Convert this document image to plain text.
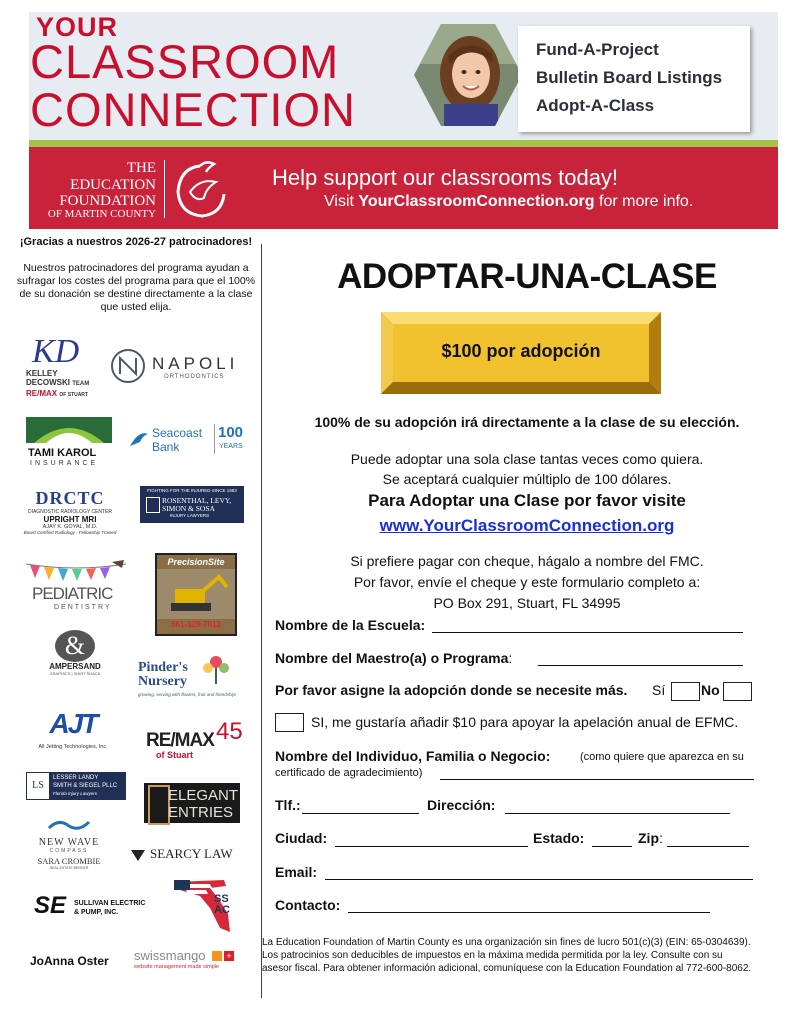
YOUR
CLASSROOM
CONNECTION
Fund-A-Project
Bulletin Board Listings
Adopt-A-Class
THE
EDUCATION
FOUNDATION
OF MARTIN COUNTY
Help support our classrooms today!
Visit YourClassroomConnection.org for more info.
¡Gracias a nuestros 2026-27 patrocinadores!
Nuestros patrocinadores del programa ayudan a sufragar los costes del programa para que el 100% de su donación se destine directamente a la clase que usted elija.
KD
KELLEY
DECOWSKI TEAM
RE/MAX OF STUART
NAPOLI
ORTHODONTICS
TAMI KAROL
INSURANCE
Seacoast
Bank
100
YEARS
DRCTC
DIAGNOSTIC RADIOLOGY CENTER
UPRIGHT MRI
AJAY K. GOYAL, M.D.
Board Certified Radiology - Fellowship Trained
FIGHTING FOR THE INJURED SINCE 1983
ROSENTHAL, LEVY,
SIMON & SOSA
INJURY LAWYERS
PEDIATRIC
DENTISTRY
PrecisionSite
561-329-7012
&
AMPERSAND
GRAPHICS | SHIRT SHACK	Pinder's
Nursery
growing, serving with flowers, fruit and friendship!
AJT
All Jetting Technologies, Inc.	RE/MAX 45
of Stuart
LS
LESSER LANDY
SMITH & SIEGEL PLLC
Florida Injury Lawyers	ELEGANT
ENTRIES
NEW WAVE
COMPASS
SARA CROMBIE
REAL ESTATE BROKER
SEARCY LAW
SE SULLIVAN ELECTRIC
& PUMP, INC.
SS AC
JoAnna Oster swissmango +
website management made simple
ADOPTAR-UNA-CLASE
$100 por adopción
100% de su adopción irá directamente a la clase de su elección.
Puede adoptar una sola clase tantas veces como quiera.
Se aceptará cualquier múltiplo de 100 dólares.
Para Adoptar una Clase por favor visite
www.YourClassroomConnection.org
Si prefiere pagar con cheque, hágalo a nombre del FMC.
Por favor, envíe el cheque y este formulario completo a:
PO Box 291, Stuart, FL 34995
Nombre de la Escuela:
Nombre del Maestro(a) o Programa:
Por favor asigne la adopción donde se necesite más. Sí	No
SI, me gustaría añadir $10 para apoyar la apelación anual de EFMC.
Nombre del Individuo, Familia o Negocio:	(como quiere que aparezca en su
certificado de agradecimiento)
Tlf.:	Dirección:
Ciudad:	Estado:	Zip:
Email:
Contacto:
La Education Foundation of Martin County es una organización sin fines de lucro 501(c)(3) (EIN: 65-0304639). Los patrocinios son deducibles de impuestos en la máxima medida permitida por la ley. Consulte con su asesor fiscal. Para obtener información adicional, comuníquese con la Education Foundation al 772-600-8062.
